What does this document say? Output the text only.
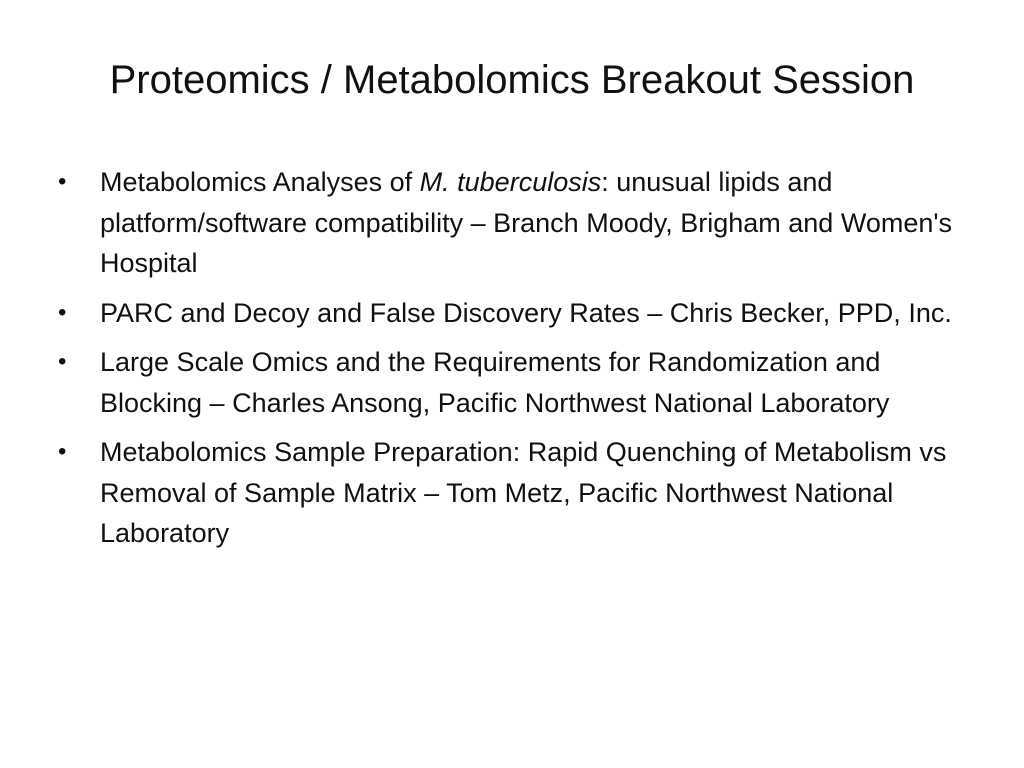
Proteomics / Metabolomics Breakout Session
•	Metabolomics Analyses of M. tuberculosis: unusual lipids and platform/software compatibility – Branch Moody, Brigham and Women's Hospital
•	PARC and Decoy and False Discovery Rates – Chris Becker, PPD, Inc.
•	Large Scale Omics and the Requirements for Randomization and Blocking – Charles Ansong, Pacific Northwest National Laboratory
•	Metabolomics Sample Preparation: Rapid Quenching of Metabolism vs Removal of Sample Matrix – Tom Metz, Pacific Northwest National Laboratory
